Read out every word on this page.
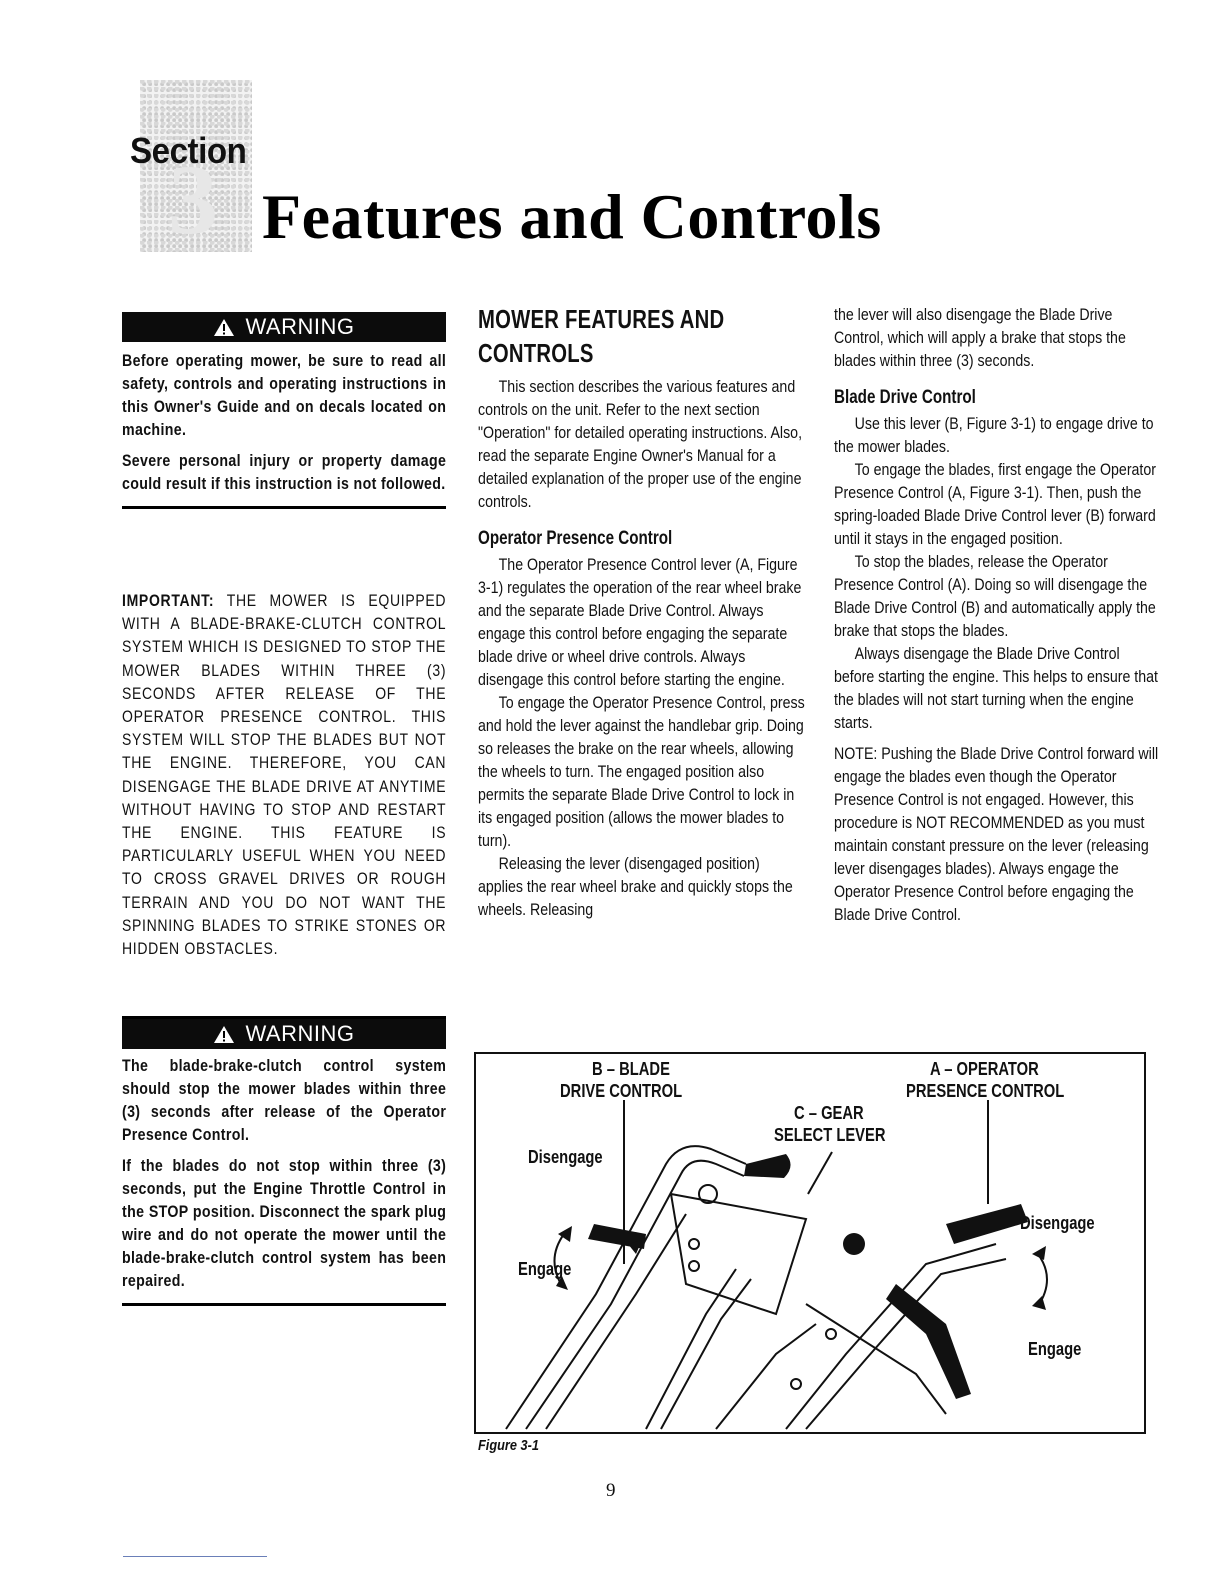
3
Section
Features and Controls
WARNING

Before operating mower, be sure to read all safety, controls and operating instructions in this Owner's Guide and on decals located on machine.

Severe personal injury or property damage could result if this instruction is not followed.

IMPORTANT: THE MOWER IS EQUIPPED WITH A BLADE-BRAKE-CLUTCH CONTROL SYSTEM WHICH IS DESIGNED TO STOP THE MOWER BLADES WITHIN THREE (3) SECONDS AFTER RELEASE OF THE OPERATOR PRESENCE CONTROL. THIS SYSTEM WILL STOP THE BLADES BUT NOT THE ENGINE. THEREFORE, YOU CAN DISENGAGE THE BLADE DRIVE AT ANYTIME WITHOUT HAVING TO STOP AND RESTART THE ENGINE. THIS FEATURE IS PARTICULARLY USEFUL WHEN YOU NEED TO CROSS GRAVEL DRIVES OR ROUGH TERRAIN AND YOU DO NOT WANT THE SPINNING BLADES TO STRIKE STONES OR HIDDEN OBSTACLES.
WARNING

The blade-brake-clutch control system should stop the mower blades within three (3) seconds after release of the Operator Presence Control.

If the blades do not stop within three (3) seconds, put the Engine Throttle Control in the STOP position. Disconnect the spark plug wire and do not operate the mower until the blade-brake-clutch control system has been repaired.

MOWER FEATURES AND CONTROLS

This section describes the various features and controls on the unit. Refer to the next section "Operation" for detailed operating instructions. Also, read the separate Engine Owner's Manual for a detailed explanation of the proper use of the engine controls.

Operator Presence Control

The Operator Presence Control lever (A, Figure 3-1) regulates the operation of the rear wheel brake and the separate Blade Drive Control. Always engage this control before engaging the separate blade drive or wheel drive controls. Always disengage this control before starting the engine.

To engage the Operator Presence Control, press and hold the lever against the handlebar grip. Doing so releases the brake on the rear wheels, allowing the wheels to turn. The engaged position also permits the separate Blade Drive Control to lock in its engaged position (allows the mower blades to turn).

Releasing the lever (disengaged position) applies the rear wheel brake and quickly stops the wheels. Releasing

the lever will also disengage the Blade Drive Control, which will apply a brake that stops the blades within three (3) seconds.

Blade Drive Control

Use this lever (B, Figure 3-1) to engage drive to the mower blades.

To engage the blades, first engage the Operator Presence Control (A, Figure 3-1). Then, push the spring-loaded Blade Drive Control lever (B) forward until it stays in the engaged position.

To stop the blades, release the Operator Presence Control (A). Doing so will disengage the Blade Drive Control (B) and automatically apply the brake that stops the blades.

Always disengage the Blade Drive Control before starting the engine. This helps to ensure that the blades will not start turning when the engine starts.

NOTE: Pushing the Blade Drive Control forward will engage the blades even though the Operator Presence Control is not engaged. However, this procedure is NOT RECOMMENDED as you must maintain constant pressure on the lever (releasing lever disengages blades). Always engage the Operator Presence Control before engaging the Blade Drive Control.

B – BLADE
DRIVE CONTROL
A – OPERATOR
PRESENCE CONTROL
C – GEAR
SELECT LEVER
Disengage
Engage
Disengage
Engage
Figure 3-1
9
